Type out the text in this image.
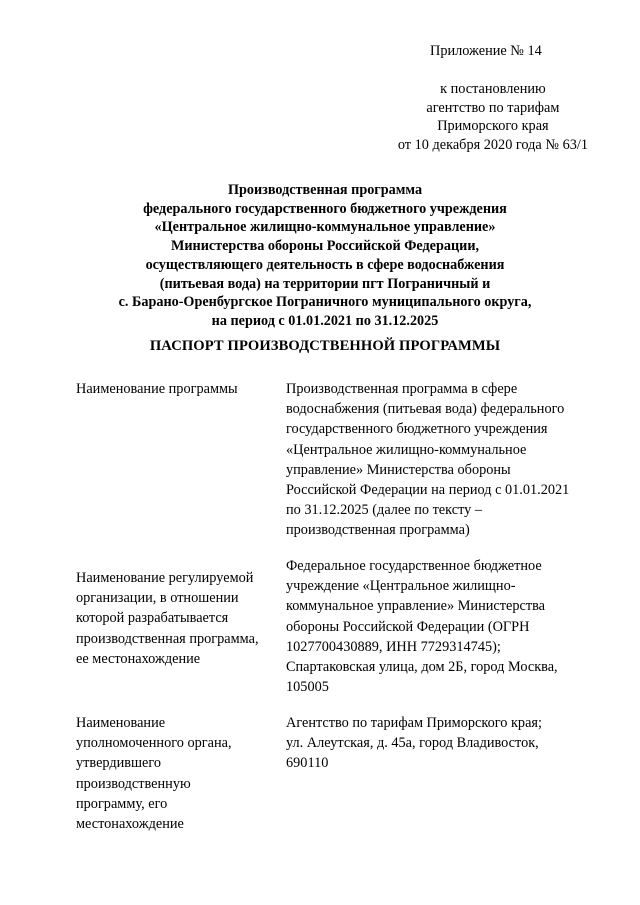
Приложение № 14
к постановлению
агентство по тарифам
Приморского края
от 10 декабря 2020 года № 63/1
Производственная программа
федерального государственного бюджетного учреждения
«Центральное жилищно-коммунальное управление»
Министерства обороны Российской Федерации,
осуществляющего деятельность в сфере водоснабжения
(питьевая вода) на территории пгт Пограничный и
с. Барано-Оренбургское Пограничного муниципального округа,
на период с 01.01.2021 по 31.12.2025
ПАСПОРТ ПРОИЗВОДСТВЕННОЙ ПРОГРАММЫ
Наименование программы	Производственная программа в сфере
водоснабжения (питьевая вода) федерального
государственного бюджетного учреждения
«Центральное жилищно-коммунальное
управление» Министерства обороны
Российской Федерации на период с 01.01.2021
по 31.12.2025 (далее по тексту –
производственная программа)
Наименование регулируемой
организации, в отношении
которой разрабатывается
производственная программа,
ее местонахождение
Федеральное государственное бюджетное
учреждение «Центральное жилищно-
коммунальное управление» Министерства
обороны Российской Федерации (ОГРН
1027700430889, ИНН 7729314745);
Спартаковская улица, дом 2Б, город Москва,
105005
Наименование
уполномоченного органа,
утвердившего
производственную
программу, его
местонахождение
Агентство по тарифам Приморского края;
ул. Алеутская, д. 45а, город Владивосток,
690110
